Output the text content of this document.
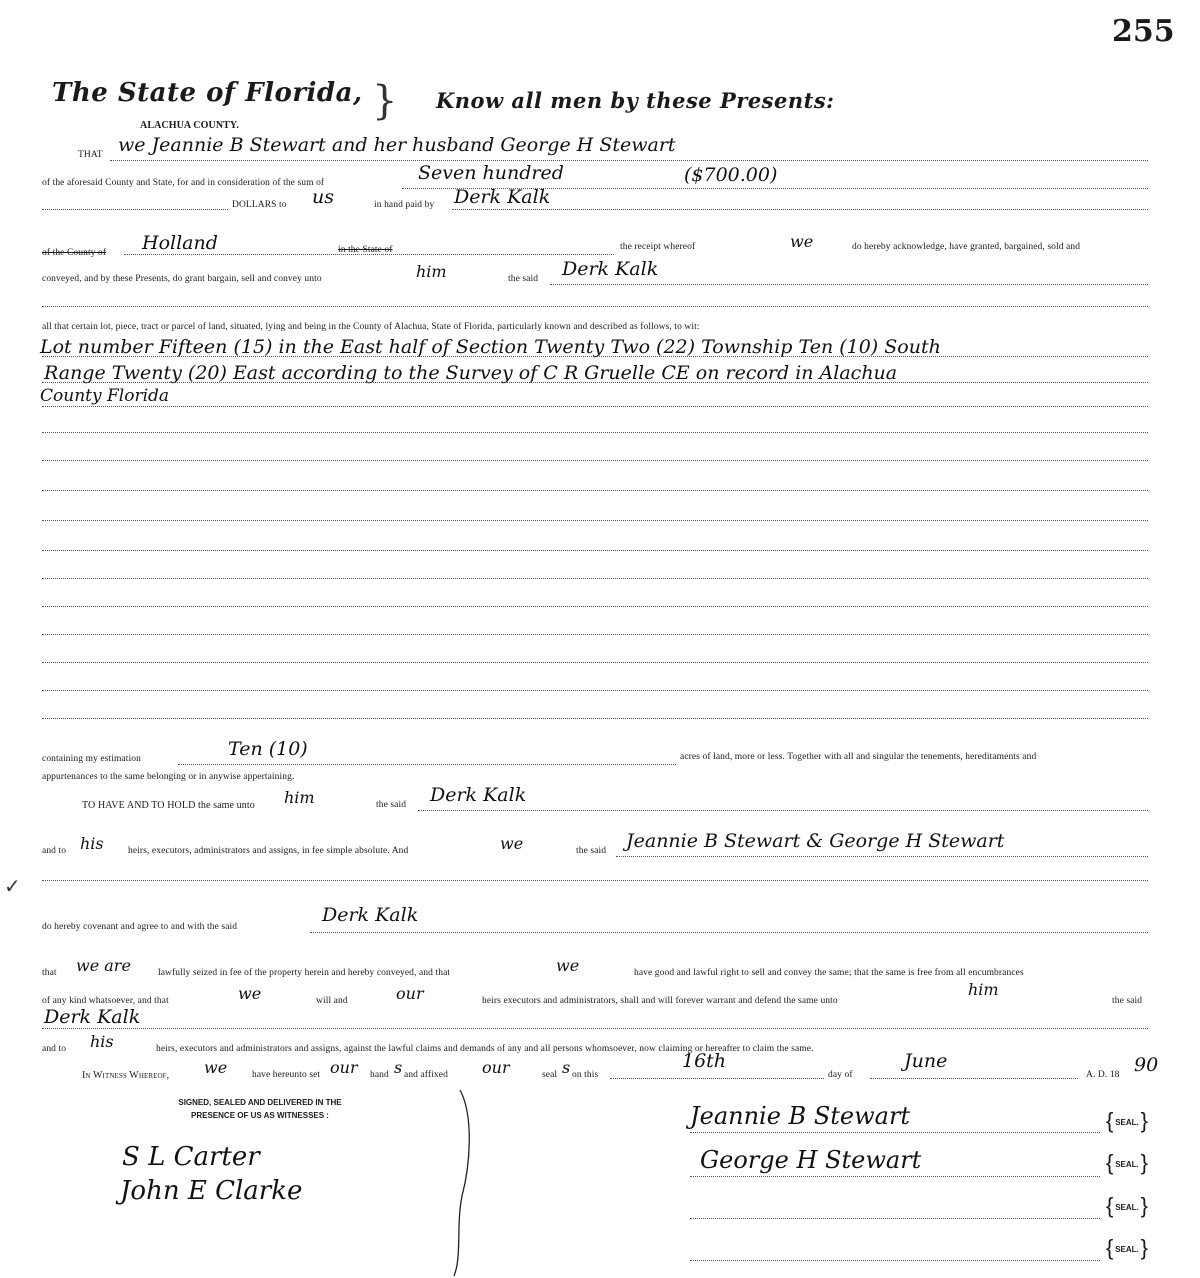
255
The State of Florida, } Know all men by these Presents:
ALACHUA COUNTY.
THAT we Jeannie B Stewart and her husband George H Stewart
of the aforesaid County and State, for and in consideration of the sum of	Seven hundred	($700.00)
DOLLARS to us	in hand paid by Derk Kalk
of the County of Holland	in the State of	the receipt whereof	we	do hereby acknowledge, have granted, bargained, sold and
conveyed, and by these Presents, do grant bargain, sell and convey unto	him	the said Derk Kalk
all that certain lot, piece, tract or parcel of land, situated, lying and being in the County of Alachua, State of Florida, particularly known and described as follows, to wit:
Lot number Fifteen (15) in the East half of Section Twenty Two (22) Township Ten (10) South
Range Twenty (20) East according to the Survey of C R Gruelle CE on record in Alachua
County Florida
containing my estimation	Ten (10)	acres of land, more or less. Together with all and singular the tenements, hereditaments and
appurtenances to the same belonging or in anywise appertaining.
TO HAVE AND TO HOLD the same unto him	the said Derk Kalk
and to his	heirs, executors, administrators and assigns, in fee simple absolute. And	we	the said Jeannie B Stewart & George H Stewart
✓
do hereby covenant and agree to and with the said
Derk Kalk
that we are	lawfully seized in fee of the property herein and hereby conveyed, and that	we	have good and lawful right to sell and convey the same; that the same is free from all encumbrances
of any kind whatsoever, and that	we	will and	our	heirs executors and administrators, shall and will forever warrant and defend the same unto
him
the said
Derk Kalk
and to his	heirs, executors and administrators and assigns, against the lawful claims and demands of any and all persons whomsoever, now claiming or hereafter to claim the same.
In Witness Whereof, we	have hereunto set our hand s and affixed our	seal s on this
16th
day of
June
A. D. 18 90
SIGNED, SEALED AND DELIVERED IN THE
PRESENCE OF US AS WITNESSES :
S L Carter
John E Clarke
Jeannie B Stewart
George H Stewart
{ SEAL. }
{ SEAL. }
{ SEAL. }
{ SEAL. }
